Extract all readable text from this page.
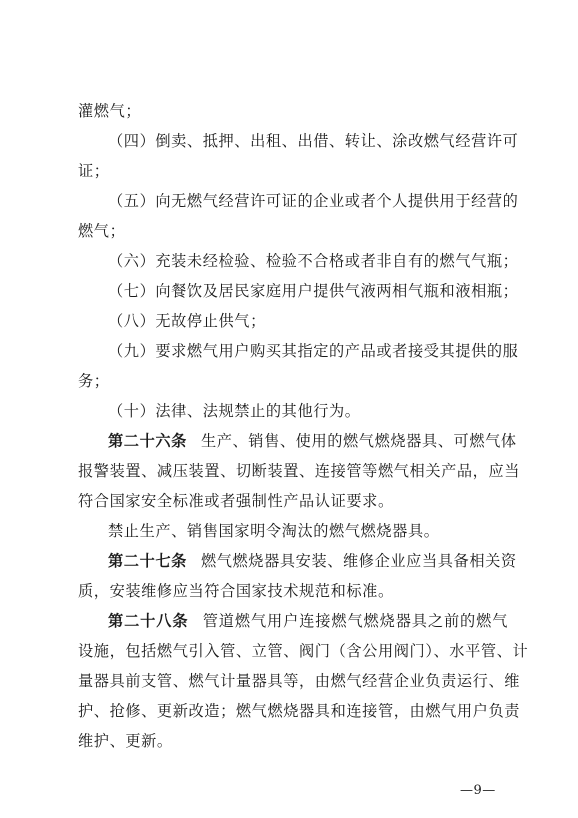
灌燃气；
（四）倒卖、抵押、出租、出借、转让、涂改燃气经营许可
证；
（五）向无燃气经营许可证的企业或者个人提供用于经营的
燃气；
（六）充装未经检验、检验不合格或者非自有的燃气气瓶；
（七）向餐饮及居民家庭用户提供气液两相气瓶和液相瓶；
（八）无故停止供气；
（九）要求燃气用户购买其指定的产品或者接受其提供的服
务；
（十）法律、法规禁止的其他行为。
第二十六条 生产、销售、使用的燃气燃烧器具、可燃气体
报警装置、减压装置、切断装置、连接管等燃气相关产品，应当
符合国家安全标准或者强制性产品认证要求。
禁止生产、销售国家明令淘汰的燃气燃烧器具。
第二十七条 燃气燃烧器具安装、维修企业应当具备相关资
质，安装维修应当符合国家技术规范和标准。
第二十八条 管道燃气用户连接燃气燃烧器具之前的燃气
设施，包括燃气引入管、立管、阀门（含公用阀门）、水平管、计
量器具前支管、燃气计量器具等，由燃气经营企业负责运行、维
护、抢修、更新改造；燃气燃烧器具和连接管，由燃气用户负责
维护、更新。
—9—
